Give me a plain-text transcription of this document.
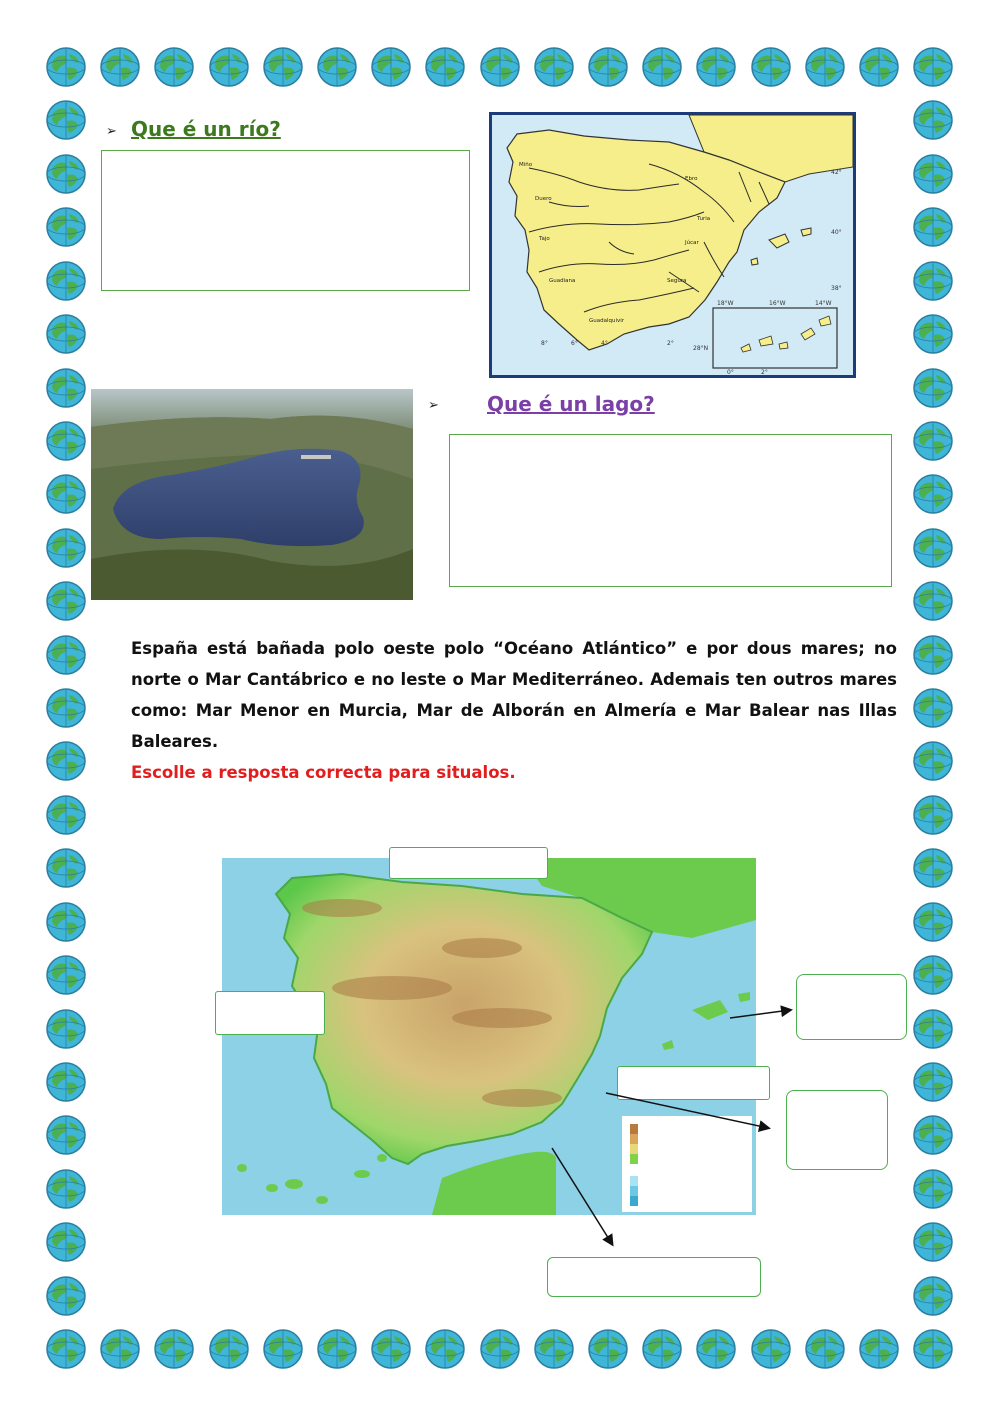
➢ Que é un río?
42°
40°
38°
8°	6°	4°	2°
0°	2°
18°W	16°W	14°W
28°N
Miño
Duero
Tajo
Guadiana
Guadalquivir
Ebro
Júcar
Segura
Turia
➢ Que é un lago?
España está bañada polo oeste polo “Océano Atlántico” e por dous mares; no norte o Mar Cantábrico e no leste o Mar Mediterráneo. Ademais ten outros mares como: Mar Menor en Murcia, Mar de Alborán en Almería e Mar Balear nas Illas Baleares.
Escolle a resposta correcta para situalos.
